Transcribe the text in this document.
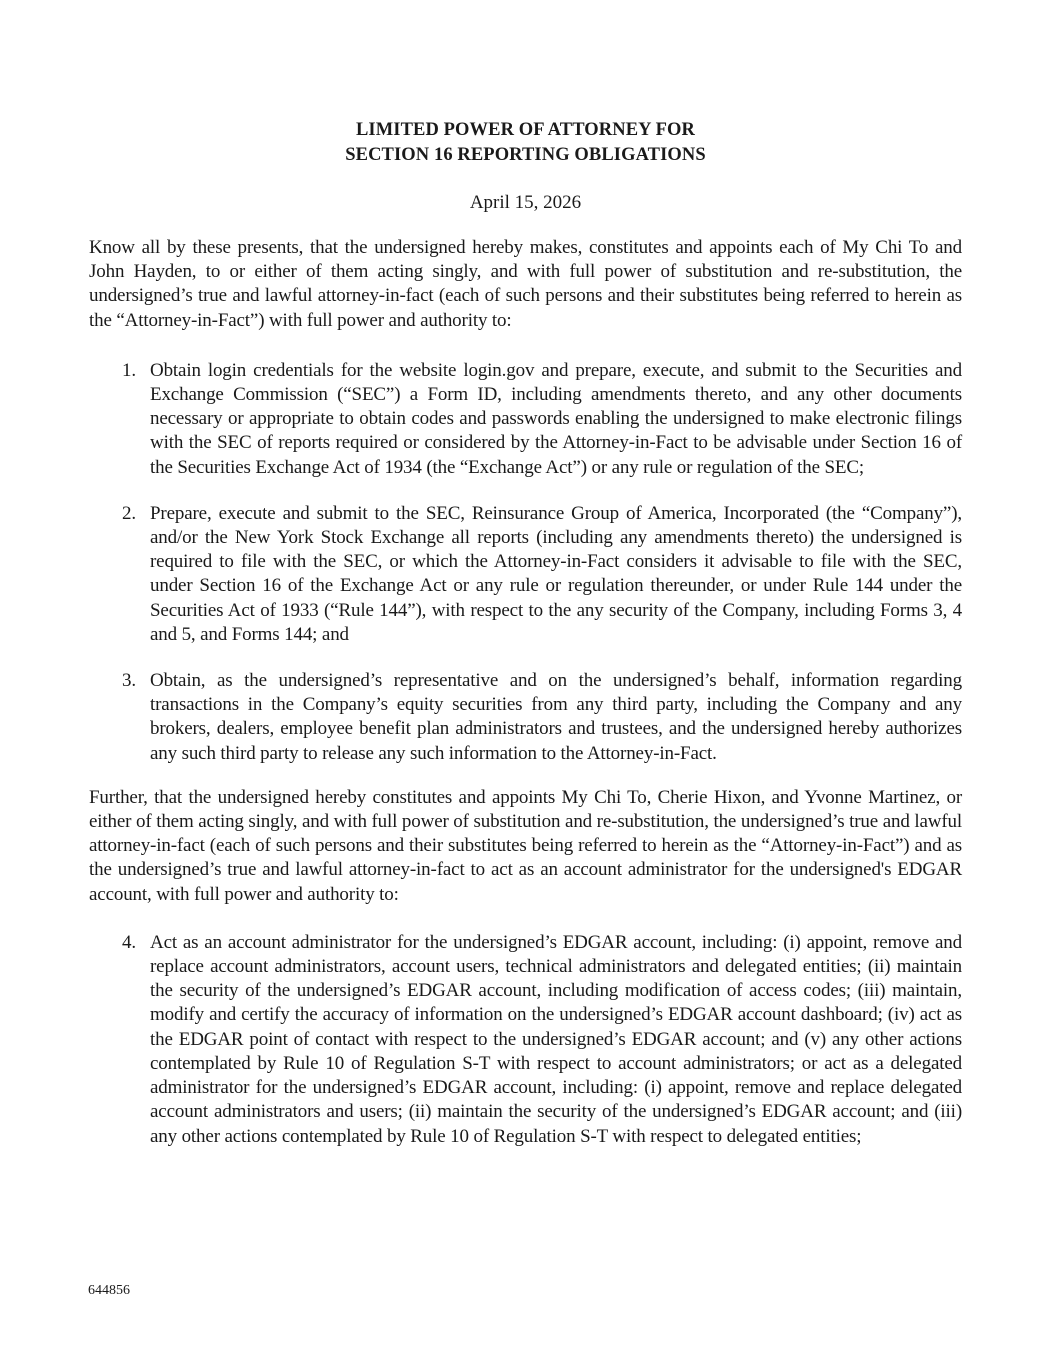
LIMITED POWER OF ATTORNEY FOR
SECTION 16 REPORTING OBLIGATIONS

April 15, 2026

Know all by these presents, that the undersigned hereby makes, constitutes and appoints each of My Chi To and John Hayden, to or either of them acting singly, and with full power of substitution and re-substitution, the undersigned’s true and lawful attorney-in-fact (each of such persons and their substitutes being referred to herein as the “Attorney-in-Fact”) with full power and authority to:

1. Obtain login credentials for the website login.gov and prepare, execute, and submit to the Securities and Exchange Commission (“SEC”) a Form ID, including amendments thereto, and any other documents necessary or appropriate to obtain codes and passwords enabling the undersigned to make electronic filings with the SEC of reports required or considered by the Attorney-in-Fact to be advisable under Section 16 of the Securities Exchange Act of 1934 (the “Exchange Act”) or any rule or regulation of the SEC;
2. Prepare, execute and submit to the SEC, Reinsurance Group of America, Incorporated (the “Company”), and/or the New York Stock Exchange all reports (including any amendments thereto) the undersigned is required to file with the SEC, or which the Attorney-in-Fact considers it advisable to file with the SEC, under Section 16 of the Exchange Act or any rule or regulation thereunder, or under Rule 144 under the Securities Act of 1933 (“Rule 144”), with respect to the any security of the Company, including Forms 3, 4 and 5, and Forms 144; and
3. Obtain, as the undersigned’s representative and on the undersigned’s behalf, information regarding transactions in the Company’s equity securities from any third party, including the Company and any brokers, dealers, employee benefit plan administrators and trustees, and the undersigned hereby authorizes any such third party to release any such information to the Attorney-in-Fact.

Further, that the undersigned hereby constitutes and appoints My Chi To, Cherie Hixon, and Yvonne Martinez, or either of them acting singly, and with full power of substitution and re-substitution, the undersigned’s true and lawful attorney-in-fact (each of such persons and their substitutes being referred to herein as the “Attorney-in-Fact”) and as the undersigned’s true and lawful attorney-in-fact to act as an account administrator for the undersigned's EDGAR account, with full power and authority to:

4. Act as an account administrator for the undersigned’s EDGAR account, including: (i) appoint, remove and replace account administrators, account users, technical administrators and delegated entities; (ii) maintain the security of the undersigned’s EDGAR account, including modification of access codes; (iii) maintain, modify and certify the accuracy of information on the undersigned’s EDGAR account dashboard; (iv) act as the EDGAR point of contact with respect to the undersigned’s EDGAR account; and (v) any other actions contemplated by Rule 10 of Regulation S-T with respect to account administrators; or act as a delegated administrator for the undersigned’s EDGAR account, including: (i) appoint, remove and replace delegated account administrators and users; (ii) maintain the security of the undersigned’s EDGAR account; and (iii) any other actions contemplated by Rule 10 of Regulation S-T with respect to delegated entities;
644856
